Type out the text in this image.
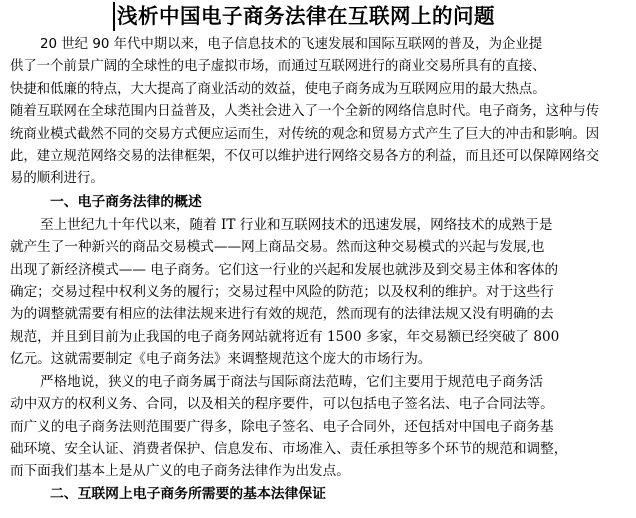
浅析中国电子商务法律在互联网上的问题
20 世纪 90 年代中期以来，电子信息技术的飞速发展和国际互联网的普及，为企业提
供了一个前景广阔的全球性的电子虚拟市场，而通过互联网进行的商业交易所具有的直接、
快捷和低廉的特点，大大提高了商业活动的效益，使电子商务成为互联网应用的最大热点。
随着互联网在全球范围内日益普及，人类社会进入了一个全新的网络信息时代。电子商务，这种与传
统商业模式截然不同的交易方式便应运而生，对传统的观念和贸易方式产生了巨大的冲击和影响。因
此，建立规范网络交易的法律框架，不仅可以维护进行网络交易各方的利益，而且还可以保障网络交
易的顺利进行。
一、电子商务法律的概述
至上世纪九十年代以来，随着 IT 行业和互联网技术的迅速发展，网络技术的成熟于是
就产生了一种新兴的商品交易模式——网上商品交易。然而这种交易模式的兴起与发展,也
出现了新经济模式—— 电子商务。它们这一行业的兴起和发展也就涉及到交易主体和客体的
确定；交易过程中权利义务的履行；交易过程中风险的防范；以及权利的维护。对于这些行
为的调整就需要有相应的法律法规来进行有效的规范，然而现有的法律法规又没有明确的去
规范，并且到目前为止我国的电子商务网站就将近有 1500 多家，年交易额已经突破了 800
亿元。这就需要制定《电子商务法》来调整规范这个庞大的市场行为。
严格地说，狭义的电子商务属于商法与国际商法范畴，它们主要用于规范电子商务活
动中双方的权利义务、合同，以及相关的程序要件，可以包括电子签名法、电子合同法等。
而广义的电子商务法则范围要广得多，除电子签名、电子合同外，还包括对中国电子商务基
础环境、安全认证、消费者保护、信息发布、市场准入、责任承担等多个环节的规范和调整，
而下面我们基本上是从广义的电子商务法律作为出发点。
二、互联网上电子商务所需要的基本法律保证
